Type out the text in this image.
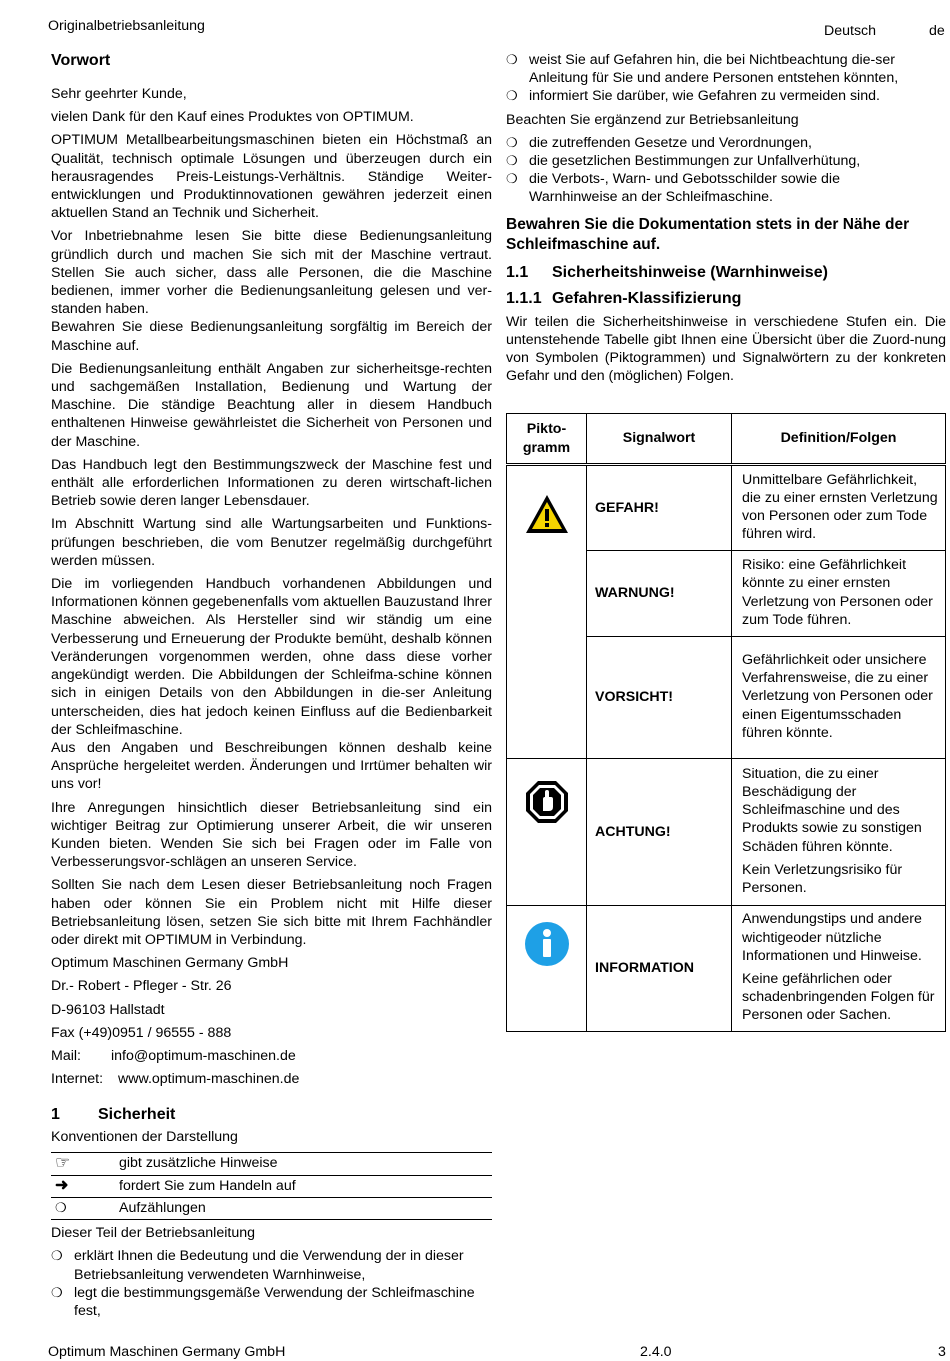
Originalbetriebsanleitung	Deutsch	de
Vorwort

Sehr geehrter Kunde,

vielen Dank für den Kauf eines Produktes von OPTIMUM.

OPTIMUM Metallbearbeitungsmaschinen bieten ein Höchstmaß an Qualität, technisch optimale Lösungen und überzeugen durch ein herausragendes Preis-Leistungs-Verhältnis. Ständige Weiter-entwicklungen und Produktinnovationen gewähren jederzeit einen aktuellen Stand an Technik und Sicherheit.

Vor Inbetriebnahme lesen Sie bitte diese Bedienungsanleitung gründlich durch und machen Sie sich mit der Maschine vertraut. Stellen Sie auch sicher, dass alle Personen, die die Maschine bedienen, immer vorher die Bedienungsanleitung gelesen und ver-standen haben.

Bewahren Sie diese Bedienungsanleitung sorgfältig im Bereich der Maschine auf.

Die Bedienungsanleitung enthält Angaben zur sicherheitsge-rechten und sachgemäßen Installation, Bedienung und Wartung der Maschine. Die ständige Beachtung aller in diesem Handbuch enthaltenen Hinweise gewährleistet die Sicherheit von Personen und der Maschine.

Das Handbuch legt den Bestimmungszweck der Maschine fest und enthält alle erforderlichen Informationen zu deren wirtschaft-lichen Betrieb sowie deren langer Lebensdauer.

Im Abschnitt Wartung sind alle Wartungsarbeiten und Funktions-prüfungen beschrieben, die vom Benutzer regelmäßig durchgeführt werden müssen.

Die im vorliegenden Handbuch vorhandenen Abbildungen und Informationen können gegebenenfalls vom aktuellen Bauzustand Ihrer Maschine abweichen. Als Hersteller sind wir ständig um eine Verbesserung und Erneuerung der Produkte bemüht, deshalb können Veränderungen vorgenommen werden, ohne dass diese vorher angekündigt werden. Die Abbildungen der Schleifma-schine können sich in einigen Details von den Abbildungen in die-ser Anleitung unterscheiden, dies hat jedoch keinen Einfluss auf die Bedienbarkeit der Schleifmaschine.

Aus den Angaben und Beschreibungen können deshalb keine Ansprüche hergeleitet werden. Änderungen und Irrtümer behalten wir uns vor!

Ihre Anregungen hinsichtlich dieser Betriebsanleitung sind ein wichtiger Beitrag zur Optimierung unserer Arbeit, die wir unseren Kunden bieten. Wenden Sie sich bei Fragen oder im Falle von Verbesserungsvor-schlägen an unseren Service.

Sollten Sie nach dem Lesen dieser Betriebsanleitung noch Fragen haben oder können Sie ein Problem nicht mit Hilfe dieser Betriebsanleitung lösen, setzen Sie sich bitte mit Ihrem Fachhändler oder direkt mit OPTIMUM in Verbindung.

Optimum Maschinen Germany GmbH

Dr.- Robert - Pfleger - Str. 26

D-96103 Hallstadt

Fax (+49)0951 / 96555 - 888

Mail: info@optimum-maschinen.de

Internet: www.optimum-maschinen.de

1 Sicherheit

Konventionen der Darstellung

☞	gibt zusätzliche Hinweise
➜	fordert Sie zum Handeln auf
❍	Aufzählungen

Dieser Teil der Betriebsanleitung

❍ erklärt Ihnen die Bedeutung und die Verwendung der in dieser Betriebsanleitung verwendeten Warnhinweise,
❍ legt die bestimmungsgemäße Verwendung der Schleifmaschine fest,
❍ weist Sie auf Gefahren hin, die bei Nichtbeachtung die-ser Anleitung für Sie und andere Personen entstehen könnten,
❍ informiert Sie darüber, wie Gefahren zu vermeiden sind.

Beachten Sie ergänzend zur Betriebsanleitung

❍ die zutreffenden Gesetze und Verordnungen,
❍ die gesetzlichen Bestimmungen zur Unfallverhütung,
❍ die Verbots-, Warn- und Gebotsschilder sowie die Warnhinweise an der Schleifmaschine.
Bewahren Sie die Dokumentation stets in der Nähe der Schleifmaschine auf.
1.1 Sicherheitshinweise (Warnhinweise)
1.1.1 Gefahren-Klassifizierung

Wir teilen die Sicherheitshinweise in verschiedene Stufen ein. Die untenstehende Tabelle gibt Ihnen eine Übersicht über die Zuord-nung von Symbolen (Piktogrammen) und Signalwörtern zu der konkreten Gefahr und den (möglichen) Folgen.

Pikto-gramm	Signalwort	Definition/Folgen
	GEFAHR!	Unmittelbare Gefährlichkeit, die zu einer ernsten Verletzung von Personen oder zum Tode führen wird.
	WARNUNG!	Risiko: eine Gefährlichkeit könnte zu einer ernsten Verletzung von Personen oder zum Tode führen.
	VORSICHT!	Gefährlichkeit oder unsichere Verfahrensweise, die zu einer Verletzung von Personen oder einen Eigentumsschaden führen könnte.
	ACHTUNG!	Situation, die zu einer Beschädigung der Schleifmaschine und des Produkts sowie zu sonstigen Schäden führen könnte.

Kein Verletzungsrisiko für Personen.

	INFORMATION	Anwendungstips und andere wichtigeoder nützliche Informationen und Hinweise.

Keine gefährlichen oder schadenbringenden Folgen für Personen oder Sachen.

Optimum Maschinen Germany GmbH	2.4.0	3
